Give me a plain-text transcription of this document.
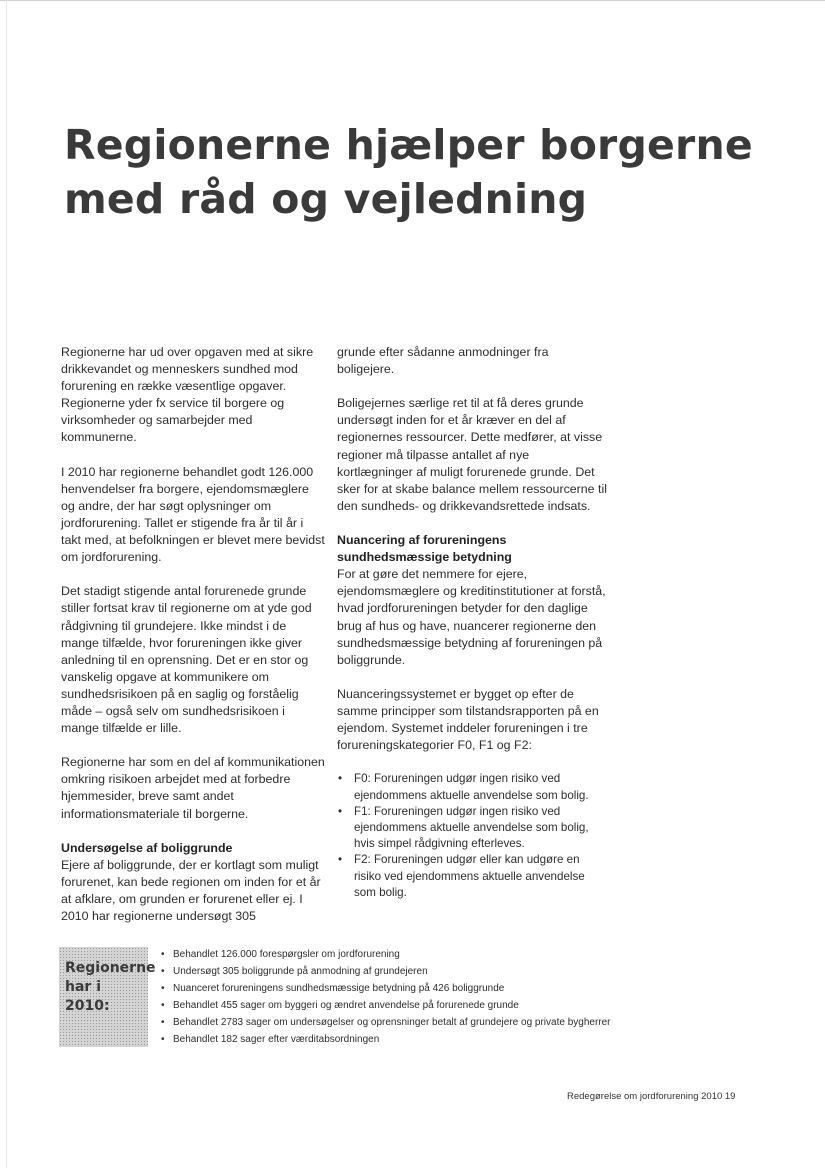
Regionerne hjælper borgerne
med råd og vejledning

Regionerne har ud over opgaven med at sikre drikkevandet og menneskers sundhed mod forurening en række væsentlige opgaver. Regionerne yder fx service til borgere og virksomheder og samarbejder med kommunerne.

I 2010 har regionerne behandlet godt 126.000 henvendelser fra borgere, ejendomsmæglere og andre, der har søgt oplysninger om jordforurening. Tallet er stigende fra år til år i takt med, at befolkningen er blevet mere bevidst om jordforurening.

Det stadigt stigende antal forurenede grunde stiller fortsat krav til regionerne om at yde god rådgivning til grundejere. Ikke mindst i de mange tilfælde, hvor forureningen ikke giver anledning til en oprensning. Det er en stor og vanskelig opgave at kommunikere om sundhedsrisikoen på en saglig og forståelig måde – også selv om sundhedsrisikoen i mange tilfælde er lille.

Regionerne har som en del af kommunikationen omkring risikoen arbejdet med at forbedre hjemmesider, breve samt andet informationsmateriale til borgerne.

Undersøgelse af boliggrunde

Ejere af boliggrunde, der er kortlagt som muligt forurenet, kan bede regionen om inden for et år at afklare, om grunden er forurenet eller ej. I 2010 har regionerne undersøgt 305

grunde efter sådanne anmodninger fra boligejere.

Boligejernes særlige ret til at få deres grunde undersøgt inden for et år kræver en del af regionernes ressourcer. Dette medfører, at visse regioner må tilpasse antallet af nye kortlægninger af muligt forurenede grunde. Det sker for at skabe balance mellem ressourcerne til den sundheds- og drikkevandsrettede indsats.

Nuancering af forureningens sundhedsmæssige betydning

For at gøre det nemmere for ejere, ejendomsmæglere og kreditinstitutioner at forstå, hvad jordforureningen betyder for den daglige brug af hus og have, nuancerer regionerne den sundhedsmæssige betydning af forureningen på boliggrunde.

Nuanceringssystemet er bygget op efter de samme principper som tilstandsrapporten på en ejendom. Systemet inddeler forureningen i tre forureningskategorier F0, F1 og F2:

• F0: Forureningen udgør ingen risiko ved ejendommens aktuelle anvendelse som bolig.
• F1: Forureningen udgør ingen risiko ved ejendommens aktuelle anvendelse som bolig, hvis simpel rådgivning efterleves.
• F2: Forureningen udgør eller kan udgøre en risiko ved ejendommens aktuelle anvendelse som bolig.
Regionerne har i 2010:
• Behandlet 126.000 forespørgsler om jordforurening
• Undersøgt 305 boliggrunde på anmodning af grundejeren
• Nuanceret forureningens sundhedsmæssige betydning på 426 boliggrunde
• Behandlet 455 sager om byggeri og ændret anvendelse på forurenede grunde
• Behandlet 2783 sager om undersøgelser og oprensninger betalt af grundejere og private bygherrer
• Behandlet 182 sager efter værditabsordningen
Redegørelse om jordforurening 2010 19
